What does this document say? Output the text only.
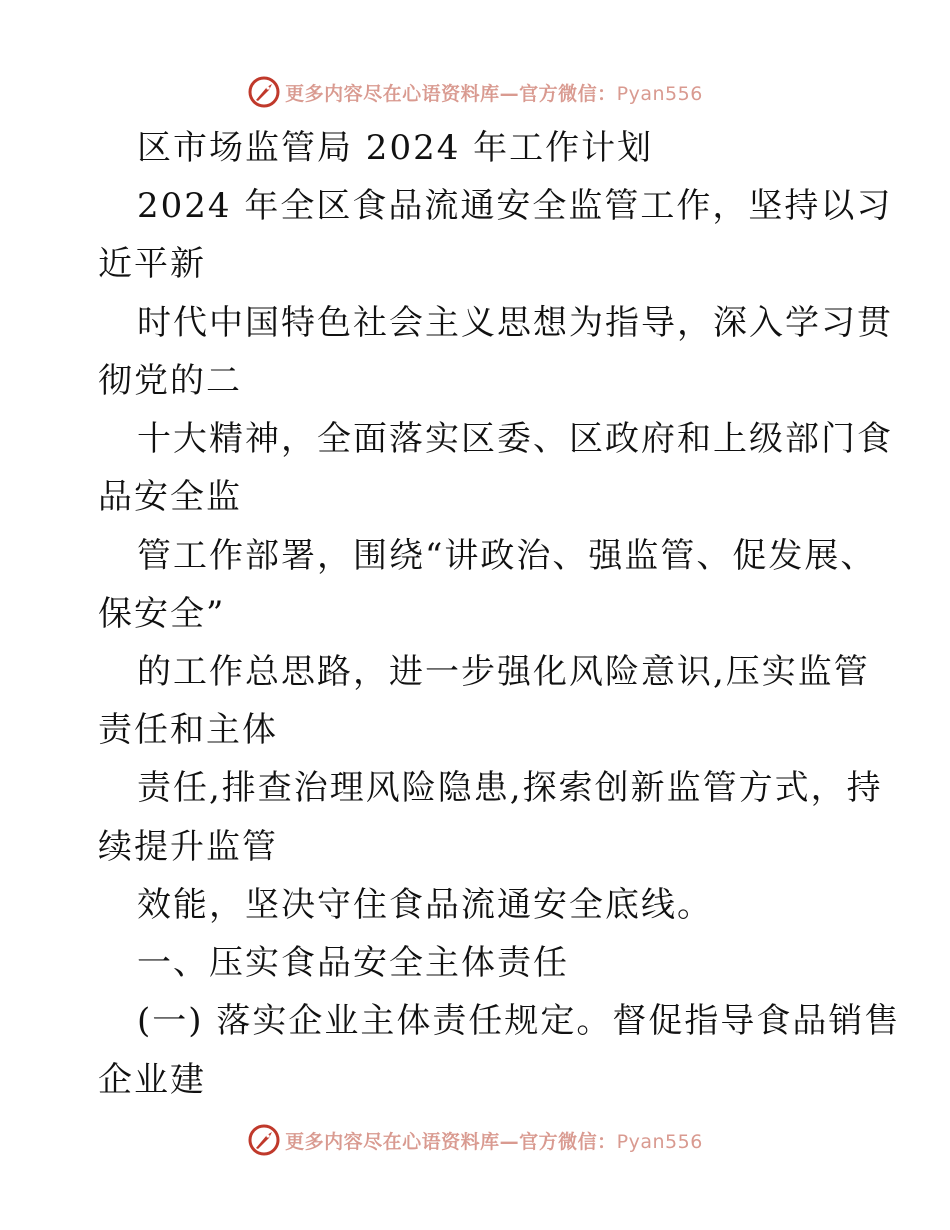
更多内容尽在心语资料库—官方微信：Pyan556
区市场监管局 2024 年工作计划
2024 年全区食品流通安全监管工作，坚持以习
近平新
时代中国特色社会主义思想为指导，深入学习贯
彻党的二
十大精神，全面落实区委、区政府和上级部门食
品安全监
管工作部署，围绕“讲政治、强监管、促发展、
保安全”
的工作总思路，进一步强化风险意识,压实监管
责任和主体
责任,排查治理风险隐患,探索创新监管方式，持
续提升监管
效能，坚决守住食品流通安全底线。
一、压实食品安全主体责任
(一) 落实企业主体责任规定。督促指导食品销售
企业建
更多内容尽在心语资料库—官方微信：Pyan556
